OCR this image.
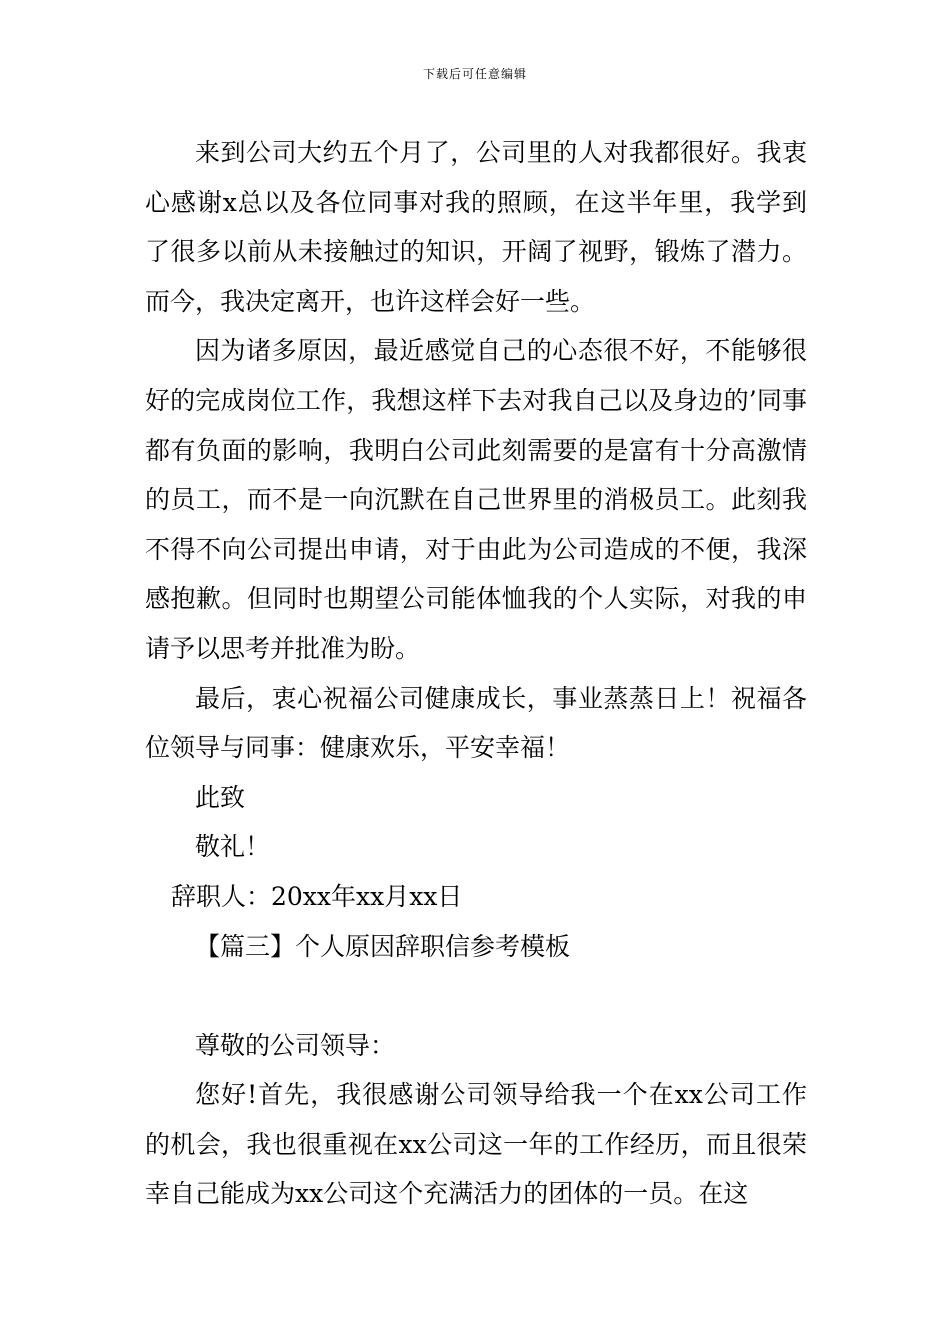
下载后可任意编辑

来到公司大约五个月了，公司里的人对我都很好。我衷心感谢x总以及各位同事对我的照顾，在这半年里，我学到了很多以前从未接触过的知识，开阔了视野，锻炼了潜力。而今，我决定离开，也许这样会好一些。

因为诸多原因，最近感觉自己的心态很不好，不能够很好的完成岗位工作，我想这样下去对我自己以及身边的’同事都有负面的影响，我明白公司此刻需要的是富有十分高激情的员工，而不是一向沉默在自己世界里的消极员工。此刻我不得不向公司提出申请，对于由此为公司造成的不便，我深感抱歉。但同时也期望公司能体恤我的个人实际，对我的申请予以思考并批准为盼。

最后，衷心祝福公司健康成长，事业蒸蒸日上！祝福各位领导与同事：健康欢乐，平安幸福！

此致

敬礼！

辞职人：20xx年xx月xx日

【篇三】个人原因辞职信参考模板

尊敬的公司领导：

您好!首先，我很感谢公司领导给我一个在xx公司工作的机会，我也很重视在xx公司这一年的工作经历，而且很荣幸自己能成为xx公司这个充满活力的团体的一员。在这
